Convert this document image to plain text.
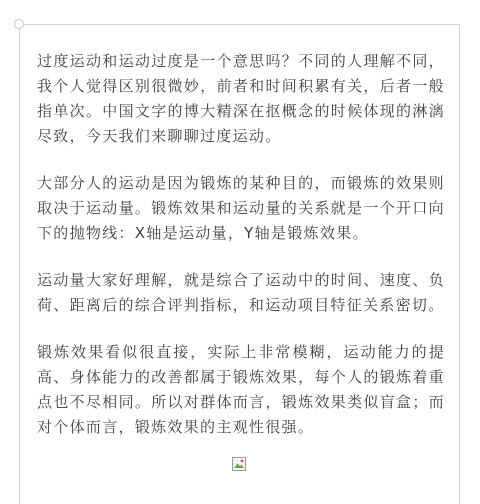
过度运动和运动过度是一个意思吗？不同的人理解不同，我个人觉得区别很微妙，前者和时间积累有关，后者一般指单次。中国文字的博大精深在抠概念的时候体现的淋漓尽致，今天我们来聊聊过度运动。

大部分人的运动是因为锻炼的某种目的，而锻炼的效果则取决于运动量。锻炼效果和运动量的关系就是一个开口向下的抛物线：X轴是运动量，Y轴是锻炼效果。

运动量大家好理解，就是综合了运动中的时间、速度、负荷、距离后的综合评判指标，和运动项目特征关系密切。

锻炼效果看似很直接，实际上非常模糊，运动能力的提高、身体能力的改善都属于锻炼效果，每个人的锻炼着重点也不尽相同。所以对群体而言，锻炼效果类似盲盒；而对个体而言，锻炼效果的主观性很强。
